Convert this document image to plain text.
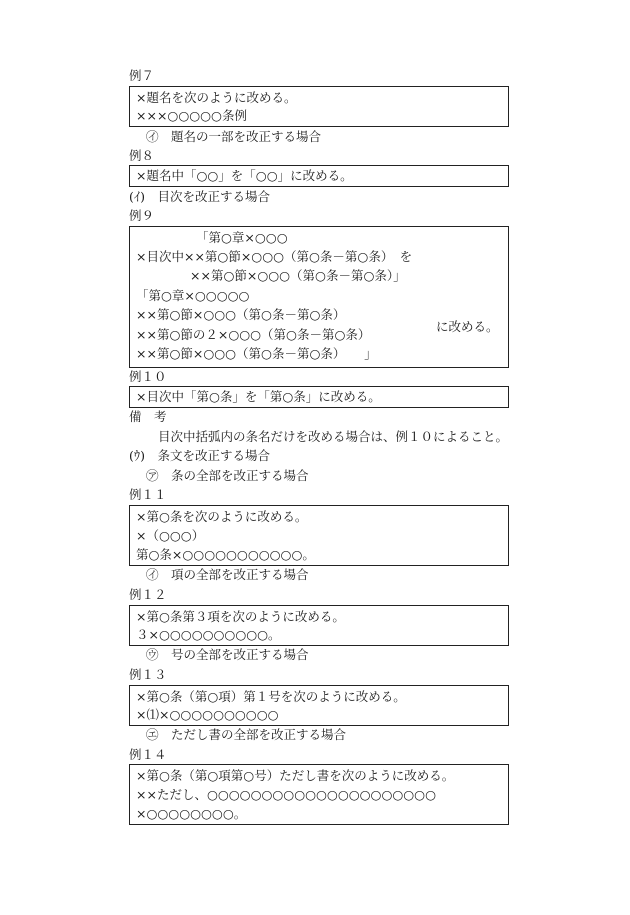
例７
×題名を次のように改める。
×××○○○○○条例
㋑　題名の一部を改正する場合
例８
×題名中「○○」を「○○」に改める。
(ｲ)　目次を改正する場合
例９
「第○章×○○○
×目次中××第○節×○○○（第○条－第○条）　を
××第○節×○○○（第○条－第○条）」
「第○章×○○○○○
××第○節×○○○（第○条－第○条）
××第○節の２×○○○（第○条－第○条）
××第○節×○○○（第○条－第○条）　　」
に改める。
例１０
×目次中「第○条」を「第○条」に改める。
備　考
目次中括弧内の条名だけを改める場合は、例１０によること。
(ｳ)　条文を改正する場合
㋐　条の全部を改正する場合
例１１
×第○条を次のように改める。
×（○○○）
第○条×○○○○○○○○○○○。
㋑　項の全部を改正する場合
例１２
×第○条第３項を次のように改める。
３×○○○○○○○○○○。
㋒　号の全部を改正する場合
例１３
×第○条（第○項）第１号を次のように改める。
×⑴×○○○○○○○○○○
㋓　ただし書の全部を改正する場合
例１４
×第○条（第○項第○号）ただし書を次のように改める。
××ただし、○○○○○○○○○○○○○○○○○○○○○
×○○○○○○○○。
